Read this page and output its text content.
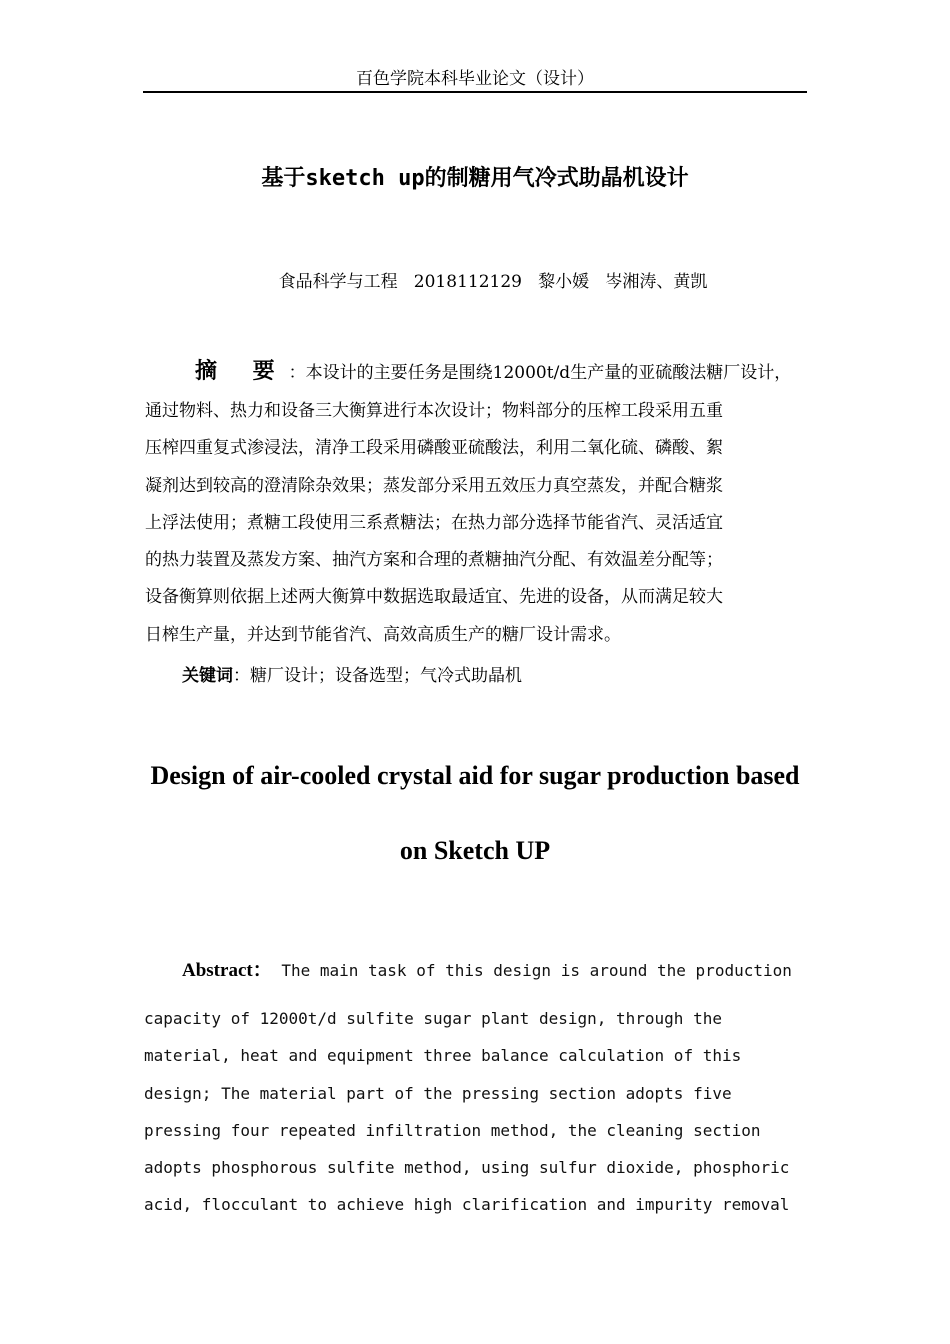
百色学院本科毕业论文（设计）
基于sketch up的制糖用气冷式助晶机设计
食品科学与工程   2018112129   黎小媛   岑湘涛、黄凯
摘 要：本设计的主要任务是围绕12000t/d生产量的亚硫酸法糖厂设计，
通过物料、热力和设备三大衡算进行本次设计；物料部分的压榨工段采用五重
压榨四重复式渗浸法，清净工段采用磷酸亚硫酸法，利用二氧化硫、磷酸、絮
凝剂达到较高的澄清除杂效果；蒸发部分采用五效压力真空蒸发，并配合糖浆
上浮法使用；煮糖工段使用三系煮糖法；在热力部分选择节能省汽、灵活适宜
的热力装置及蒸发方案、抽汽方案和合理的煮糖抽汽分配、有效温差分配等；
设备衡算则依据上述两大衡算中数据选取最适宜、先进的设备，从而满足较大
日榨生产量，并达到节能省汽、高效高质生产的糖厂设计需求。
关键词：糖厂设计；设备选型；气冷式助晶机
Design of air-cooled crystal aid for sugar production based
on Sketch UP
Abstract： The main task of this design is around the production
capacity of 12000t/d sulfite sugar plant design, through the
material, heat and equipment three balance calculation of this
design; The material part of the pressing section adopts five
pressing four repeated infiltration method, the cleaning section
adopts phosphorous sulfite method, using sulfur dioxide, phosphoric
acid, flocculant to achieve high clarification and impurity removal
